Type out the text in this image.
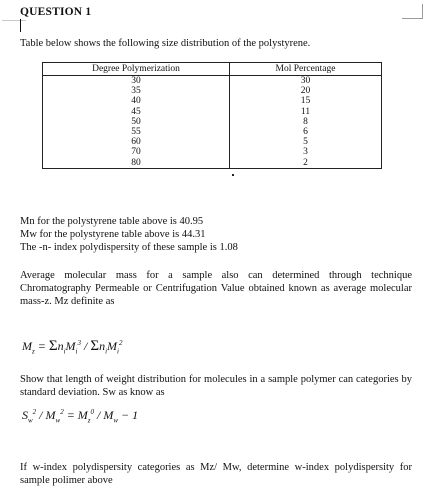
QUESTION 1
Table below shows the following size distribution of the polystyrene.
Degree Polymerization	Mol Percentage
30	30
35	20
40	15
45	11
50	8
55	6
60	5
70	3
80	2
Mn for the polystyrene table above is 40.95
Mw for the polystyrene table above is 44.31
The -n- index polydispersity of these sample is 1.08
Average molecular mass for a sample also can determined through technique Chromatography Permeable or Centrifugation Value obtained known as average molecular mass-z. Mz definite as
$M_z = \Sigma n_iM_i^3 / \Sigma n_iM_i^2$
Show that length of weight distribution for molecules in a sample polymer can categories by standard deviation. Sw as know as
$S_w^2 / M_w^2 = M_z^0 / M_w - 1$
If w-index polydispersity categories as Mz/ Mw, determine w-index polydispersity for sample polimer above
